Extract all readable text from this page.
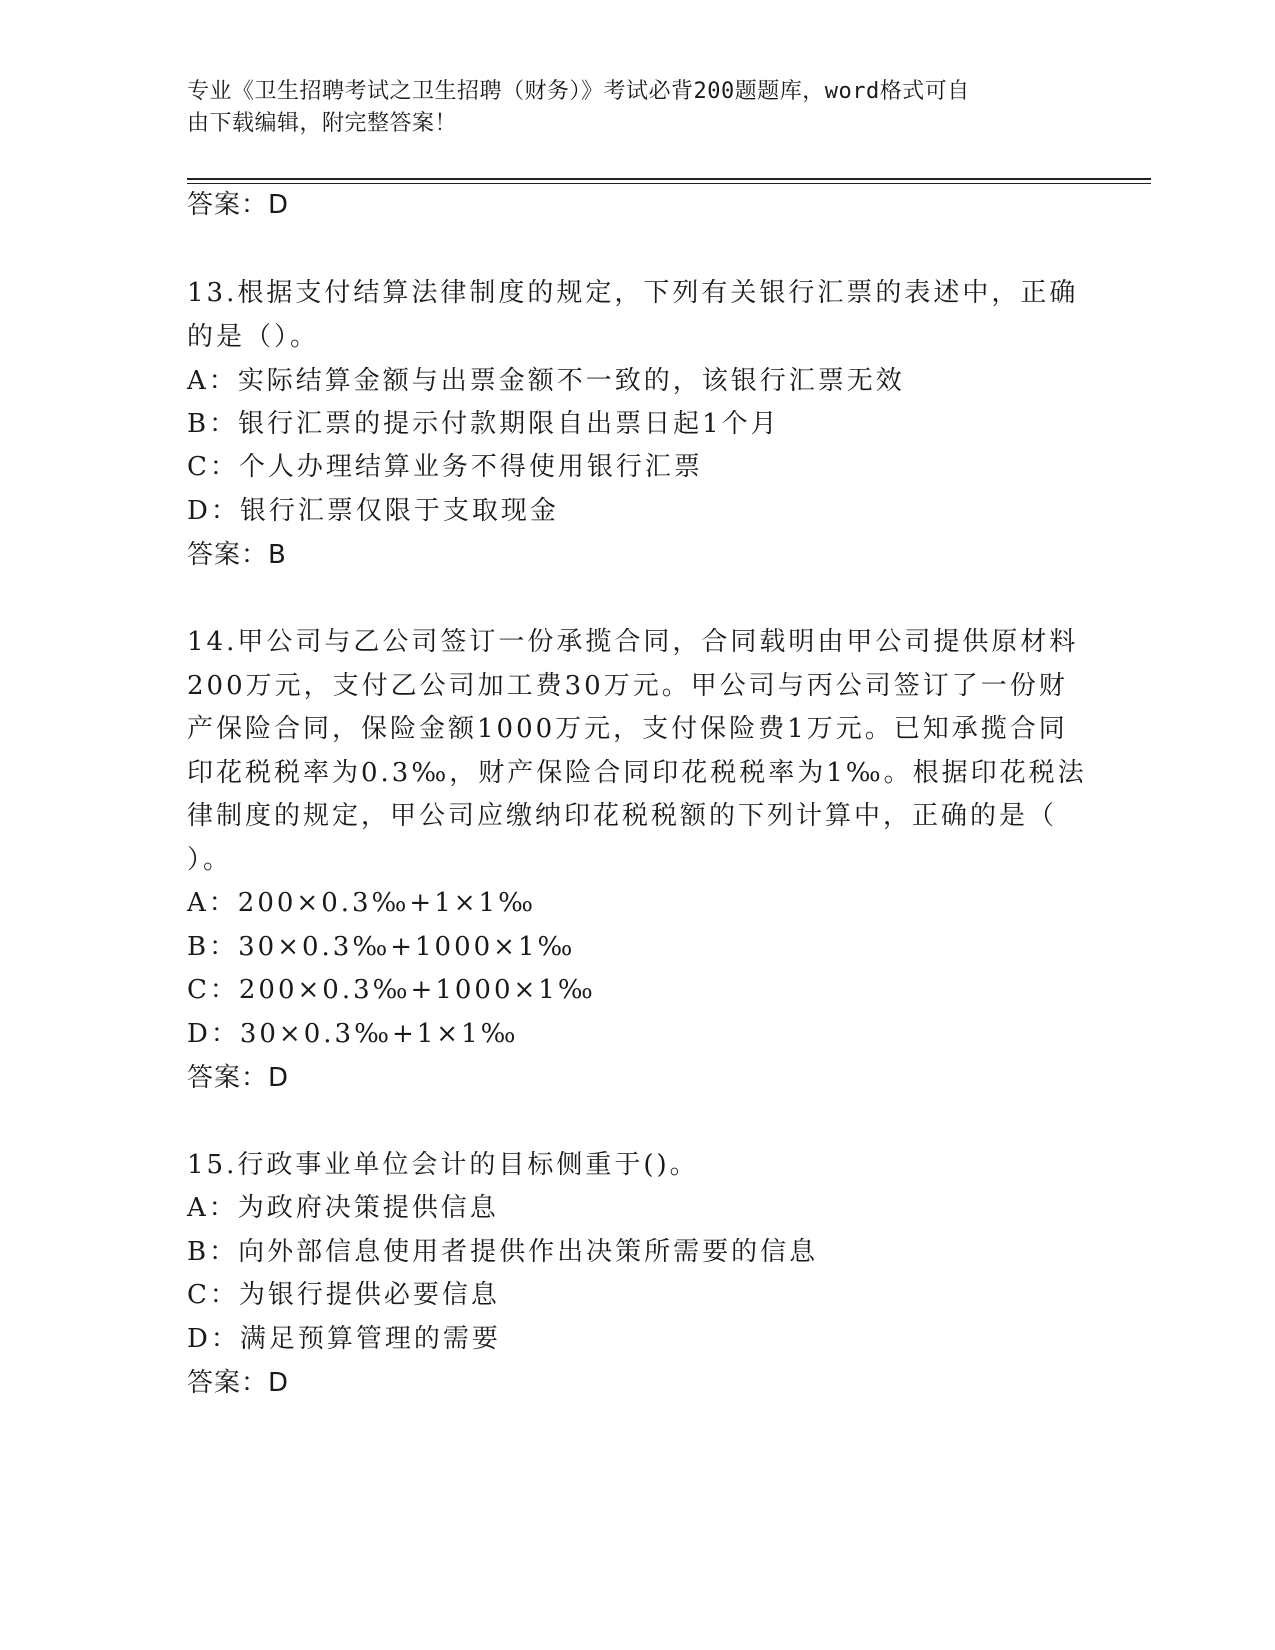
专业《卫生招聘考试之卫生招聘（财务）》考试必背200题题库，word格式可自
由下载编辑，附完整答案！
答案：D
13.根据支付结算法律制度的规定，下列有关银行汇票的表述中，正确
的是（）。
A：实际结算金额与出票金额不一致的，该银行汇票无效
B：银行汇票的提示付款期限自出票日起1个月
C：个人办理结算业务不得使用银行汇票
D：银行汇票仅限于支取现金
答案：B
14.甲公司与乙公司签订一份承揽合同，合同载明由甲公司提供原材料
200万元，支付乙公司加工费30万元。甲公司与丙公司签订了一份财
产保险合同，保险金额1000万元，支付保险费1万元。已知承揽合同
印花税税率为0.3‰，财产保险合同印花税税率为1‰。根据印花税法
律制度的规定，甲公司应缴纳印花税税额的下列计算中，正确的是（
）。
A：200×0.3‰+1×1‰
B：30×0.3‰+1000×1‰
C：200×0.3‰+1000×1‰
D：30×0.3‰+1×1‰
答案：D
15.行政事业单位会计的目标侧重于()。
A：为政府决策提供信息
B：向外部信息使用者提供作出决策所需要的信息
C：为银行提供必要信息
D：满足预算管理的需要
答案：D
